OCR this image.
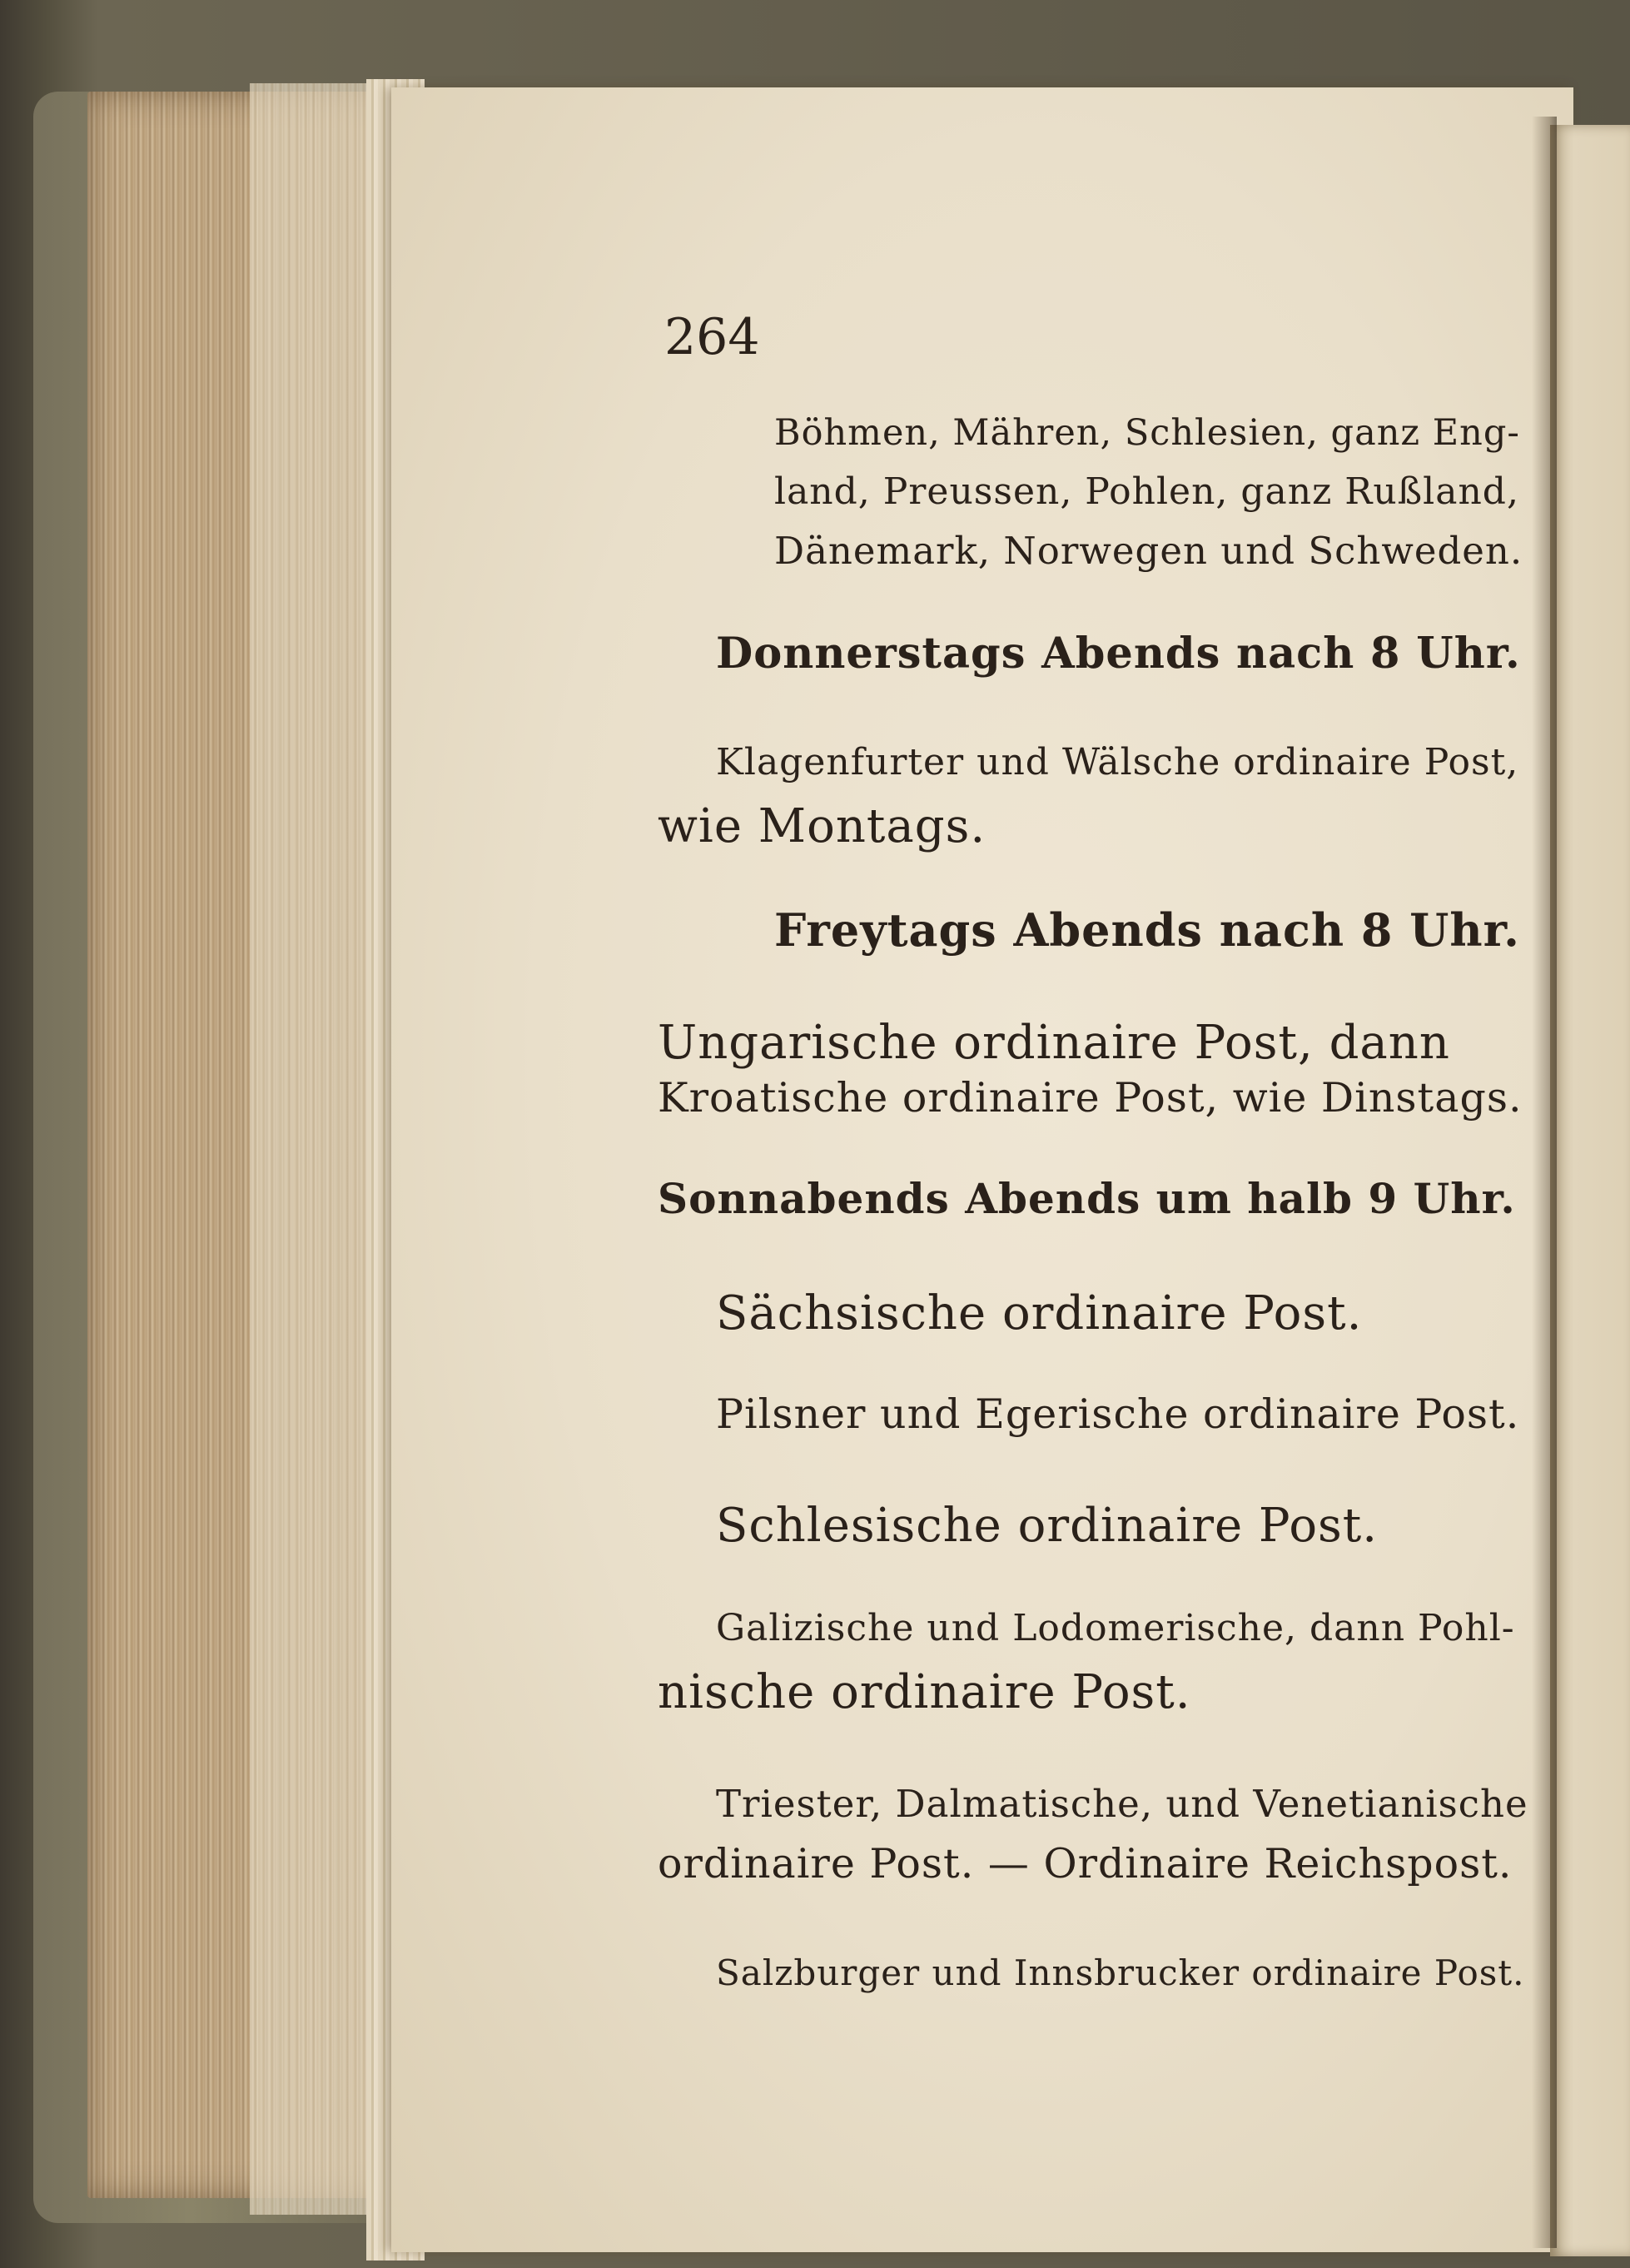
264
Böhmen, Mähren, Schlesien, ganz Eng-
land, Preussen, Pohlen, ganz Rußland,
Dänemark, Norwegen und Schweden.
Donnerstags Abends nach 8 Uhr.
Klagenfurter und Wälsche ordinaire Post,
wie Montags.
Freytags Abends nach 8 Uhr.
Ungarische ordinaire Post, dann
Kroatische ordinaire Post, wie Dinstags.
Sonnabends Abends um halb 9 Uhr.
Sächsische ordinaire Post.
Pilsner und Egerische ordinaire Post.
Schlesische ordinaire Post.
Galizische und Lodomerische, dann Pohl-
nische ordinaire Post.
Triester, Dalmatische, und Venetianische
ordinaire Post. — Ordinaire Reichspost.
Salzburger und Innsbrucker ordinaire Post.
